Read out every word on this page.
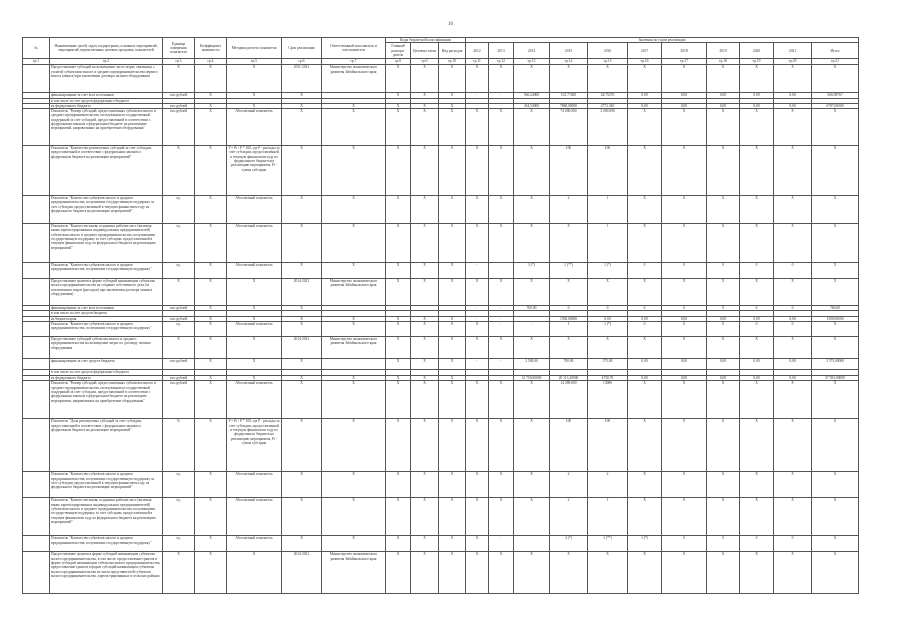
16
№	Наименование целей, задач, подпрограмм, основных мероприятий, мероприятий, ведомственных целевых программ, показателей	Единица измерения показателя	Коэффициент значимости	Методика расчета показателя	Срок реализации	Ответственный исполнитель и соисполнители	Коды бюджетной классификации			Значения по годам реализации										
							Главный распоря-дитель	Целевая статья	Вид расходов	2012	2013	2014	2015	2016	2017	2018	2019	2020	2021	Итого
гр.1	гр.2	гр.3	гр.4	гр.5	гр.6	гр.7	гр.8	гр.9	гр.10	гр.11	гр.12	гр.13	гр.14	гр.15	гр.16	гр.17	гр.18	гр.19	гр.20	гр.21
	Предоставление субсидий на возмещение части затрат, связанных с уплатой субъектами малого и среднего предпринимательства первого взноса (аванса) при заключении договора лизинга оборудования	X	X	X	2011-2021	Министерство экономического развития Забайкальского края	X	X	X	X	X	X	X	X	X	X	X	X	X	X
	финансирование за счет всех источников	тыс.рублей	X	X	X		X	X	X	-	-	566,24000	161,77400	44,75270	0,00	0,00	0,00	0,00	0,00	566,98767
	в том числе за счет средств федерального бюджета																			
	из федерального бюджета	тыс.рублей	X	X	X	X	X	X	X	-	-	434,54000	7860,00000	4772,340	0,00	0,00	0,00	0,00	0,00	6787,00000
	Показатель "Размер субсидий, предоставленных субъектам малого и среднего предпринимательства, пользующимся государственной поддержкой за счет субсидий, предоставленной в соответствии с федеральным законом о федеральном бюджете на реализацию мероприятий, направленных на приобретение оборудования"	тыс.рублей	X	Абсолютный показатель	X	X	X	X	X	X	X	X	74 000,000	2 000,000	X	X	X	X	X	X
	Показатель "Количество реализуемых субсидий за счет субсидии, предоставленной в соответствии с федеральным законом о федеральном бюджете на реализацию мероприятий"	%	X	P = Pi / P * 100, где P - расходы за счет субсидии, предоставленной в текущем финансовом году из федерального бюджета на реализацию мероприятия, Pi - сумма субсидии	X	X	X	X	X	X	X	X	100	100	X	X	X	X	X	X
	Показатель "Количество субъектов малого и среднего предпринимательства, получивших государственную поддержку за счет субсидии, предоставленной в текущем финансовом году из федерального бюджета на реализацию мероприятий"	ед.	X	Абсолютный показатель	X	X	X	X	X	X	X	X	2	1	X	X	X	X	X	X
	Показатель "Количество вновь созданных рабочих мест (включая вновь зарегистрированных индивидуальных предпринимателей) субъектами малого и среднего предпринимательства, получившими государственную поддержку за счет субсидии, предоставленной в текущем финансовом году из федерального бюджета на реализацию мероприятий"	ед.	X	Абсолютный показатель	X	X	X	X	X	X	X	X	8	1	X	X	X	X	X	X
	Показатель "Количество субъектов малого и среднего предпринимательства, получивших государственную поддержку"	ед.	X	Абсолютный показатель	X	X	X	X	X	-		3 (*)	1 (**)	1 (*)	0	0	0	0	0	X
	Предоставление грантов в форме субсидий начинающим субъектам малого предпринимательства на создание собственного дела (за исключением затрат (расходов) при заключении договора лизинга оборудования)	X	X	X	2014-2021	Министерство экономического развития Забайкальского края	X	X	X	X	X	X	X	X	X	X	X	X	X	X
	финансирование за счет всех источников	тыс.рублей	X	X	X					-	-	760,00	0	0	0	0	0	0	0	760,00
	в том числе за счет средств бюджета																			
	из бюджета края	тыс.рублей	X	X	X	X	X	X	X	-	-		1500,00000	0,00	0,00	0,00	0,00	0,00	0,00	1500,00000
	Показатель "Количество субъектов малого и среднего предпринимательства, получивших государственную поддержку"	ед.	X	Абсолютный показатель	X	X	X	X	X	X	-	-	1	1 (*)	0	0	0	0	0	X
	Предоставление субсидий субъектам малого и среднего предпринимательства на возмещение затрат по договору лизинга оборудования	X	X	X	2014-2021	Министерство экономического развития Забайкальского края	X	X	X	X	X	X	X	X	X	X	X	X	X	X
	финансирование за счет средств бюджета	тыс.рублей	X	X	X		X	X	X	-	-	2 500,00	700,00	375,00	0,00	0,00	0,00	0,00	0,00	3 575,00000
	в том числе за счет средств федерального бюджета																			
	из федерального бюджета	тыс.рублей	X	X	X	X	X	X	X	-	-	12 750,00000	20 113,20000	4730,70	0,00	0,00	0,00	0,00	0,00	37 593,90000
	Показатель "Размер субсидий, предоставленных субъектам малого и среднего предпринимательства, пользующимся государственной поддержкой за счет субсидии, предоставленной в соответствии с федеральным законом о федеральном бюджете на реализацию мероприятия, направленных на приобретение оборудования"	тыс.рублей	X	Абсолютный показатель	X	X	X	X	X	X	X	X	14 289,000	13080	X	X	X	X	X	X
	Показатель "Доля реализуемых субсидий за счет субсидии, предоставленной в соответствии с федеральным законом о федеральном бюджете на реализацию мероприятий"	%	X	P = Pi / P * 100, где P - расходы за счет субсидии, предоставленной в текущем финансовом году из федерального бюджета на реализацию мероприятия, Pi - сумма субсидии	X	X	X	X	X	X	X	X	100	100	X	X	X	X	X	X
	Показатель "Количество субъектов малого и среднего предпринимательства, получивших государственную поддержку за счет субсидии, предоставленной в текущем финансовом году из федерального бюджета на реализацию мероприятий"	ед.	X	Абсолютный показатель	X	X	X	X	X	X	X	X	2	2	X	X	X	X	X	X
	Показатель "Количество вновь созданных рабочих мест (включая вновь зарегистрированных индивидуальных предпринимателей) субъектами малого и среднего предпринимательства, получившими государственную поддержку за счет субсидии, предоставленной в текущем финансовом году из федерального бюджета на реализацию мероприятий"	ед.	X	Абсолютный показатель	X	X	X	X	X	X	X	X	2	1	X	X	X	X	X	X
	Показатель "Количество субъектов малого и среднего предпринимательства, получивших государственную поддержку"	ед.	X	Абсолютный показатель	X	X	X	X	X	X	-		3 (*)	1 (**)	1 (*)	0	0	0	0	X
	Предоставление грантов в форме субсидий начинающим субъектам малого предпринимательства, в том числе: предоставление грантов в форме субсидий начинающим субъектам малого предпринимательства, предоставление грантов в форме субсидий начинающим субъектам малого предпринимательства из числа представителей субъектов малого предпринимательства, зарегистрированных в сельских районах	X	X	X	2014-2021	Министерство экономического развития Забайкальского края	X	X	X	X	X	X	X	X	X	X	X	X	X	X
